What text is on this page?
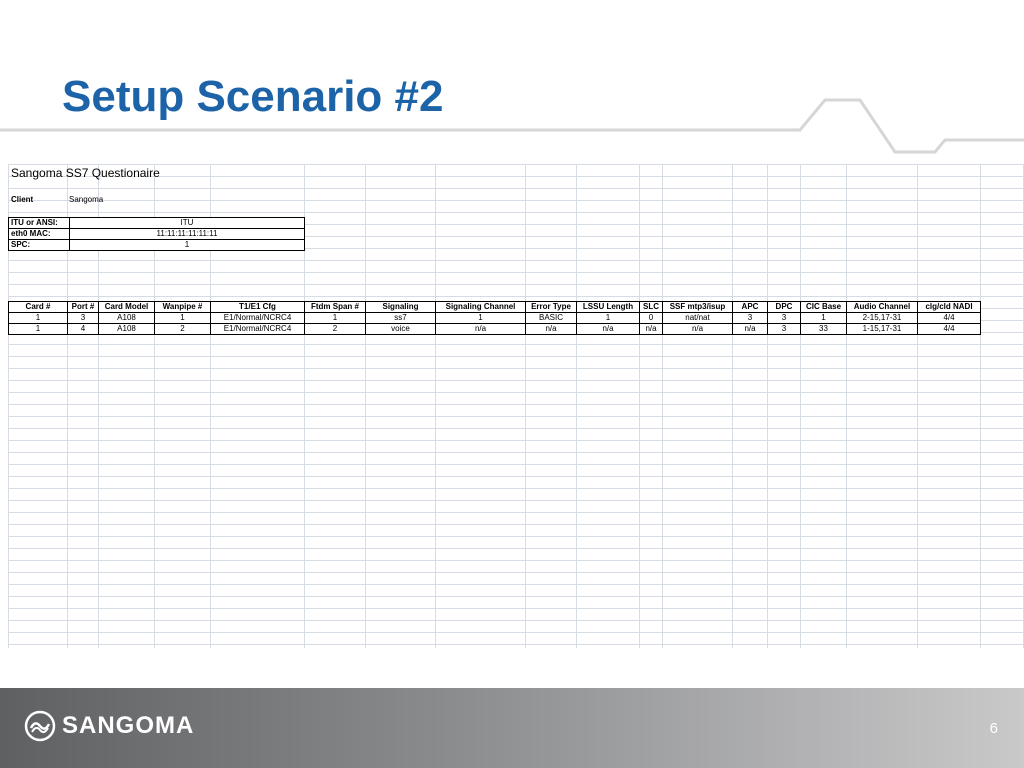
Setup Scenario #2
Sangoma SS7 Questionaire
Client	Sangoma
ITU or ANSI:	ITU
eth0 MAC:	11:11:11:11:11:11
SPC:	1
Card #	Port #	Card Model	Wanpipe #	T1/E1 Cfg	Ftdm Span #	Signaling	Signaling Channel	Error Type	LSSU Length	SLC	SSF mtp3/isup	APC	DPC	CIC Base	Audio Channel	clg/cld NADI
1	3	A108	1	E1/Normal/NCRC4	1	ss7	1	BASIC	1	0	nat/nat	3	3	1	2-15,17-31	4/4
1	4	A108	2	E1/Normal/NCRC4	2	voice	n/a	n/a	n/a	n/a	n/a	n/a	3	33	1-15,17-31	4/4
SANGOMA	6
